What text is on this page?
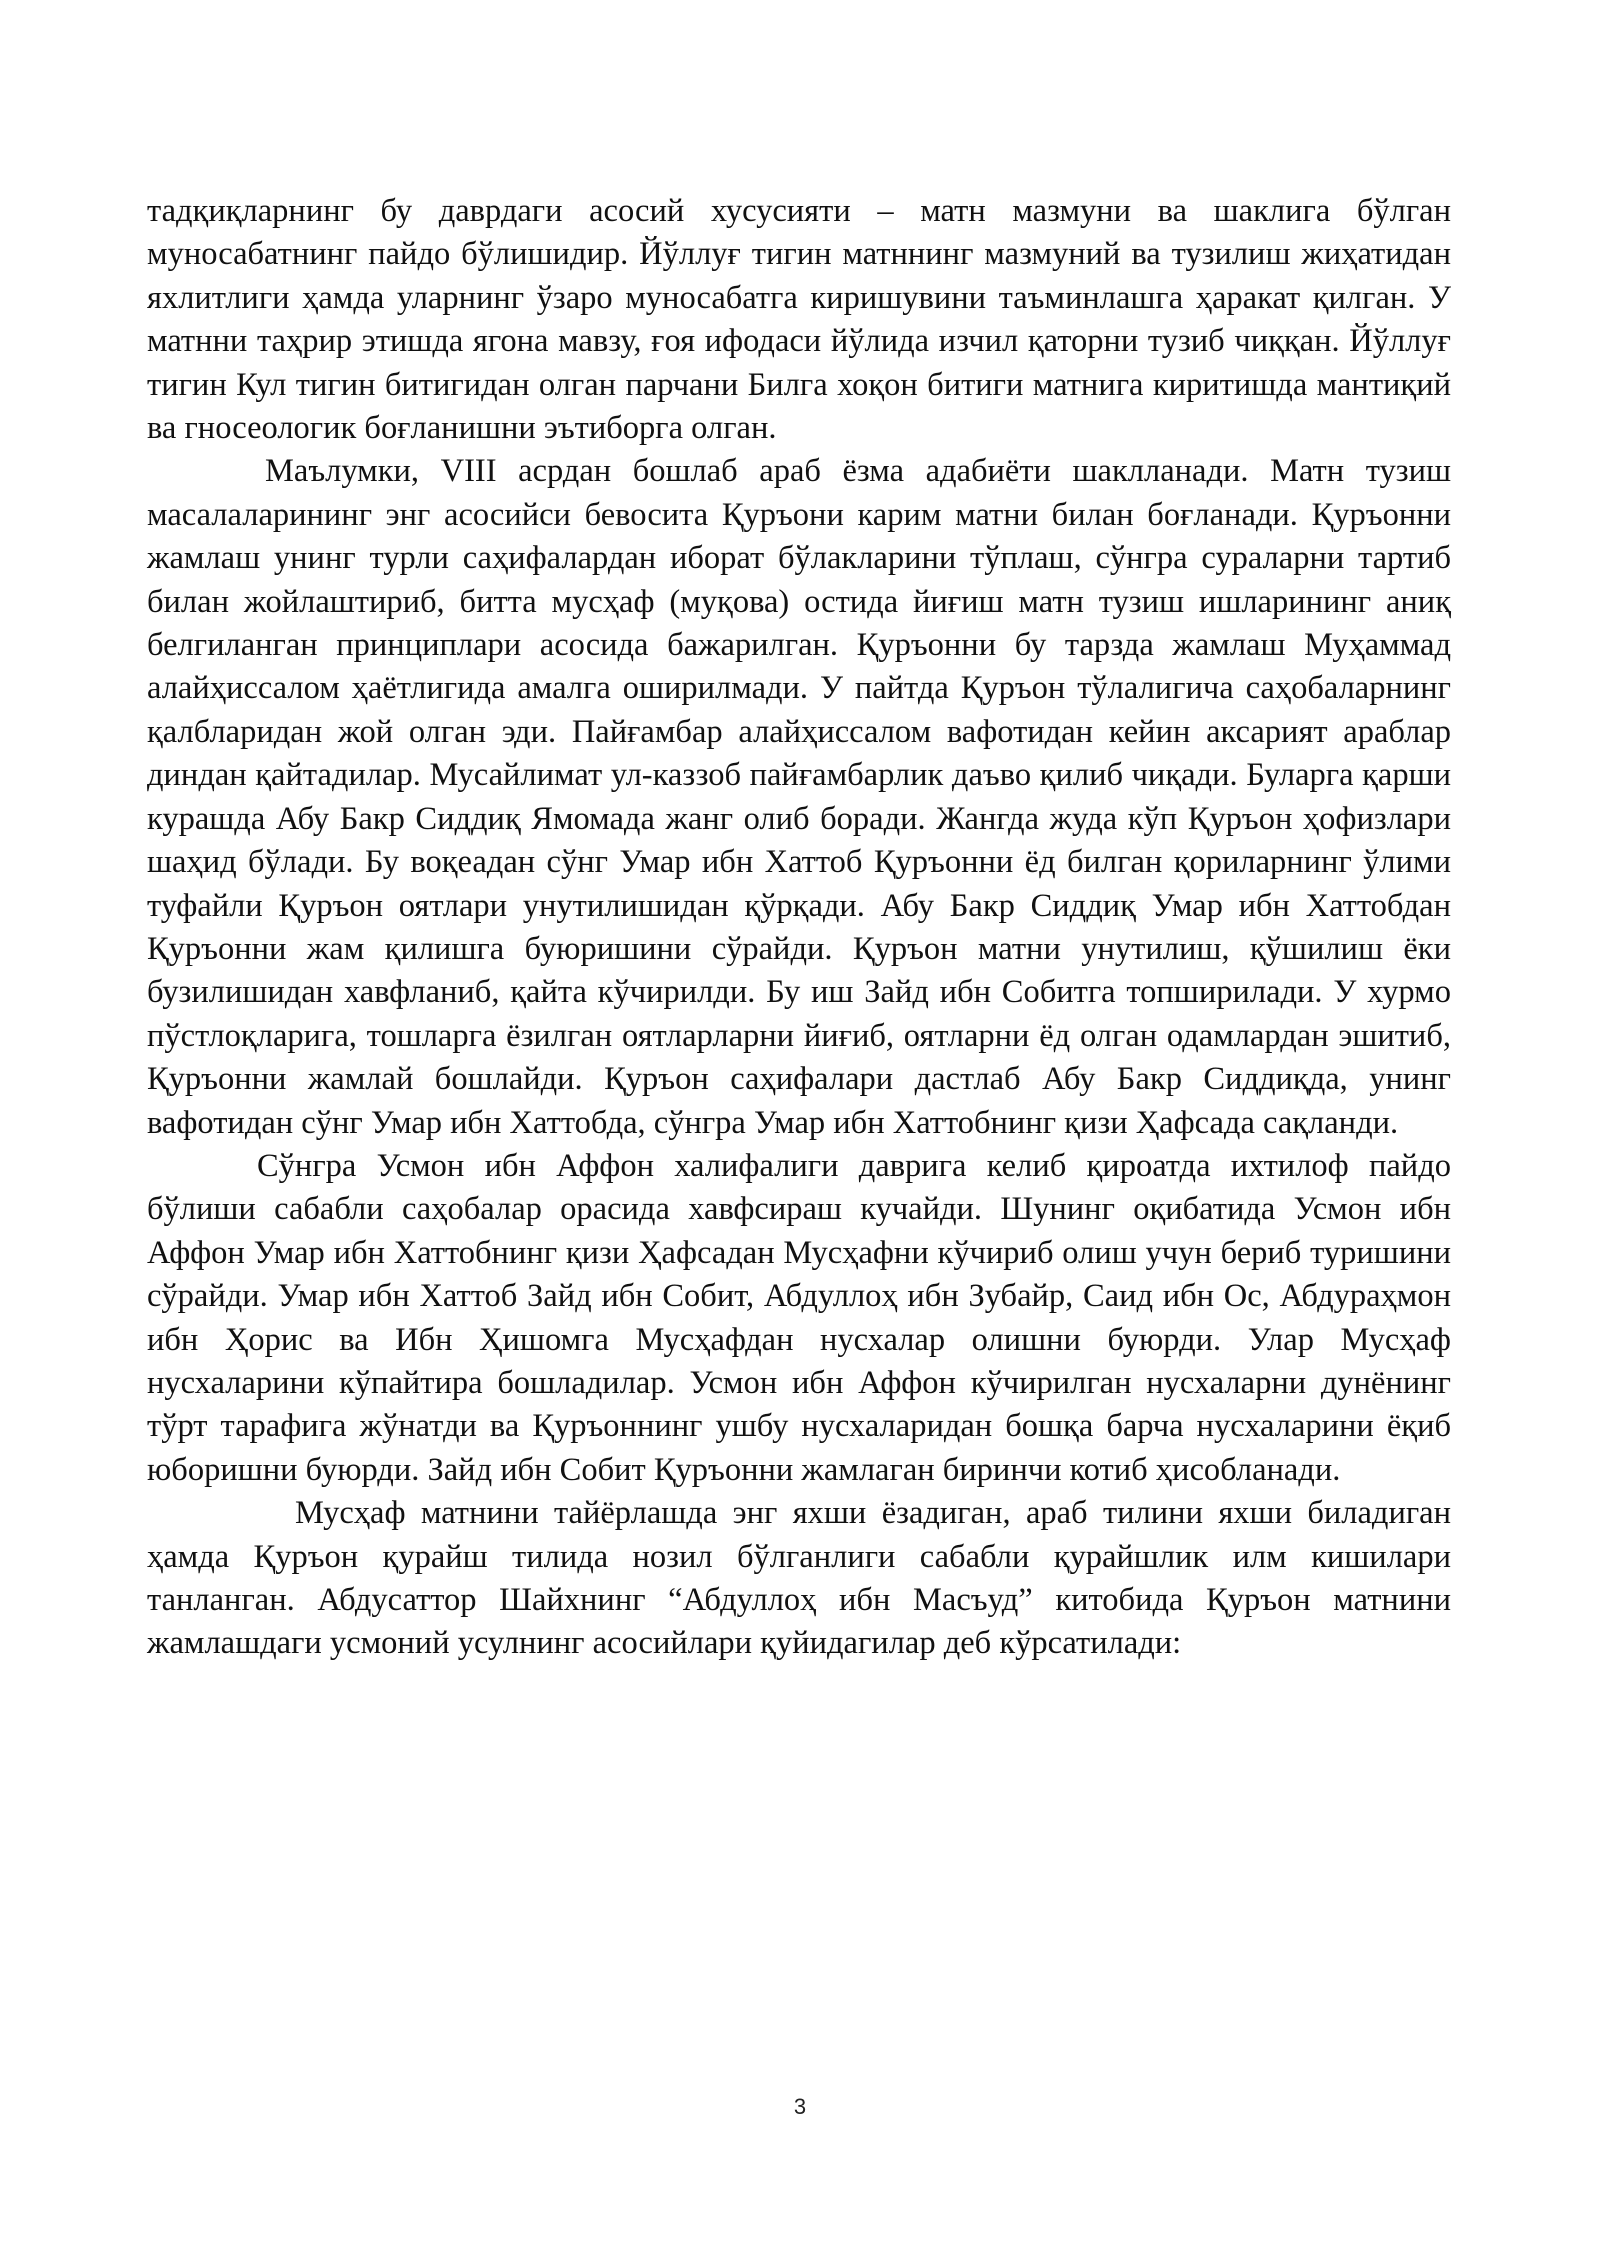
тадқиқларнинг бу даврдаги асосий хусусияти – матн мазмуни ва шаклига бўлган муносабатнинг пайдо бўлишидир. Йўллуғ тигин матннинг мазмуний ва тузилиш жиҳатидан яхлитлиги ҳамда уларнинг ўзаро муносабатга киришувини таъминлашга ҳаракат қилган. У матнни таҳрир этишда ягона мавзу, ғоя ифодаси йўлида изчил қаторни тузиб чиққан. Йўллуғ тигин Кул тигин битигидан олган парчани Билга хоқон битиги матнига киритишда мантиқий ва гносеологик боғланишни эътиборга олган.

Маълумки, VIII асрдан бошлаб араб ёзма адабиёти шаклланади. Матн тузиш масалаларининг энг асосийси бевосита Қуръони карим матни билан боғланади. Қуръонни жамлаш унинг турли саҳифалардан иборат бўлакларини тўплаш, сўнгра сураларни тартиб билан жойлаштириб, битта мусҳаф (муқова) остида йиғиш матн тузиш ишларининг аниқ белгиланган принциплари асосида бажарилган. Қуръонни бу тарзда жамлаш Муҳаммад алайҳиссалом ҳаётлигида амалга оширилмади. У пайтда Қуръон тўлалигича саҳобаларнинг қалбларидан жой олган эди. Пайғамбар алайҳиссалом вафотидан кейин аксарият араблар диндан қайтадилар. Мусайлимат ул-каззоб пайғамбарлик даъво қилиб чиқади. Буларга қарши курашда Абу Бакр Сиддиқ Ямомада жанг олиб боради. Жангда жуда кўп Қуръон ҳофизлари шаҳид бўлади. Бу воқеадан сўнг Умар ибн Хаттоб Қуръонни ёд билган қориларнинг ўлими туфайли Қуръон оятлари унутилишидан қўрқади. Абу Бакр Сиддиқ Умар ибн Хаттобдан Қуръонни жам қилишга буюришини сўрайди. Қуръон матни унутилиш, қўшилиш ёки бузилишидан хавфланиб, қайта кўчирилди. Бу иш Зайд ибн Собитга топширилади. У хурмо пўстлоқларига, тошларга ёзилган оятларларни йиғиб, оятларни ёд олган одамлардан эшитиб, Қуръонни жамлай бошлайди. Қуръон саҳифалари дастлаб Абу Бакр Сиддиқда, унинг вафотидан сўнг Умар ибн Хаттобда, сўнгра Умар ибн Хаттобнинг қизи Ҳафсада сақланди.

Сўнгра Усмон ибн Аффон халифалиги даврига келиб қироатда ихтилоф пайдо бўлиши сабабли саҳобалар орасида хавфсираш кучайди. Шунинг оқибатида Усмон ибн Аффон Умар ибн Хаттобнинг қизи Ҳафсадан Мусҳафни кўчириб олиш учун бериб туришини сўрайди. Умар ибн Хаттоб Зайд ибн Собит, Абдуллоҳ ибн Зубайр, Саид ибн Ос, Абдураҳмон ибн Ҳорис ва Ибн Ҳишомга Мусҳафдан нусхалар олишни буюрди. Улар Мусҳаф нусхаларини кўпайтира бошладилар. Усмон ибн Аффон кўчирилган нусхаларни дунёнинг тўрт тарафига жўнатди ва Қуръоннинг ушбу нусхаларидан бошқа барча нусхаларини ёқиб юборишни буюрди. Зайд ибн Собит Қуръонни жамлаган биринчи котиб ҳисобланади.

Мусҳаф матнини тайёрлашда энг яхши ёзадиган, араб тилини яхши биладиган ҳамда Қуръон қурайш тилида нозил бўлганлиги сабабли қурайшлик илм кишилари танланган. Абдусаттор Шайхнинг “Абдуллоҳ ибн Масъуд” китобида Қуръон матнини жамлашдаги усмоний усулнинг асосийлари қуйидагилар деб кўрсатилади:

3
